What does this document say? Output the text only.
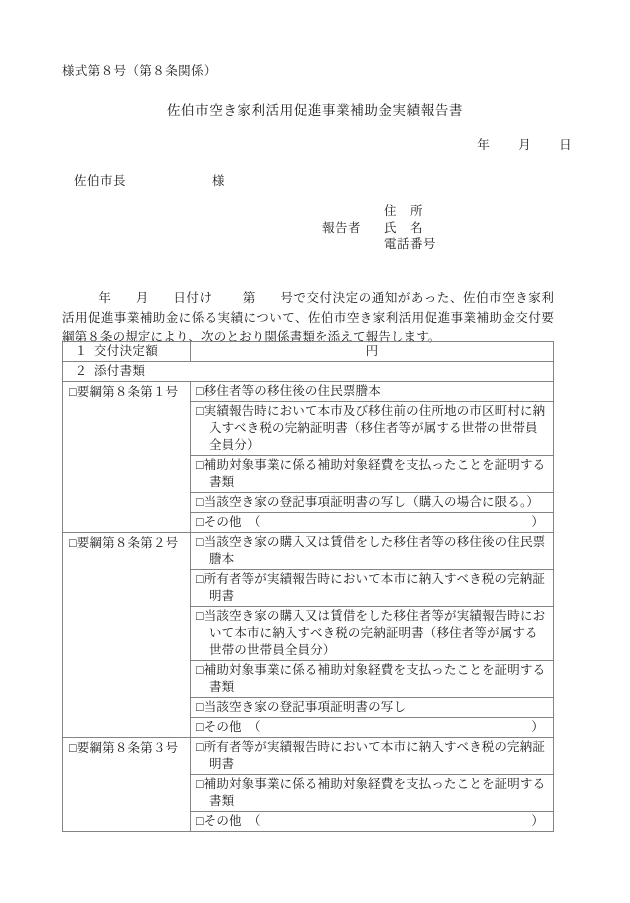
様式第８号（第８条関係）
佐伯市空き家利活用促進事業補助金実績報告書
年 月 日
佐伯市長	様
住　所
報告者	氏　名
電話番号
年 月 日付け 第 号で交付決定の通知があった、佐伯市空き家利活用促進事業補助金に係る実績について、佐伯市空き家利活用促進事業補助金交付要綱第８条の規定により、次のとおり関係書類を添えて報告します。
１ 交付決定額	円

２ 添付書類	

□要綱第８条第１号	□移住者等の移住後の住民票謄本

	□実績報告時において本市及び移住前の住所地の市区町村に納入すべき税の完納証明書（移住者等が属する世帯の世帯員全員分）

	□補助対象事業に係る補助対象経費を支払ったことを証明する書類

	□当該空き家の登記事項証明書の写し（購入の場合に限る。）

	□その他　（ ）

□要綱第８条第２号	□当該空き家の購入又は賃借をした移住者等の移住後の住民票謄本

	□所有者等が実績報告時において本市に納入すべき税の完納証明書

	□当該空き家の購入又は賃借をした移住者等が実績報告時において本市に納入すべき税の完納証明書（移住者等が属する世帯の世帯員全員分）

	□補助対象事業に係る補助対象経費を支払ったことを証明する書類

	□当該空き家の登記事項証明書の写し

	□その他　（ ）

□要綱第８条第３号	□所有者等が実績報告時において本市に納入すべき税の完納証明書

	□補助対象事業に係る補助対象経費を支払ったことを証明する書類

	□その他　（ ）
